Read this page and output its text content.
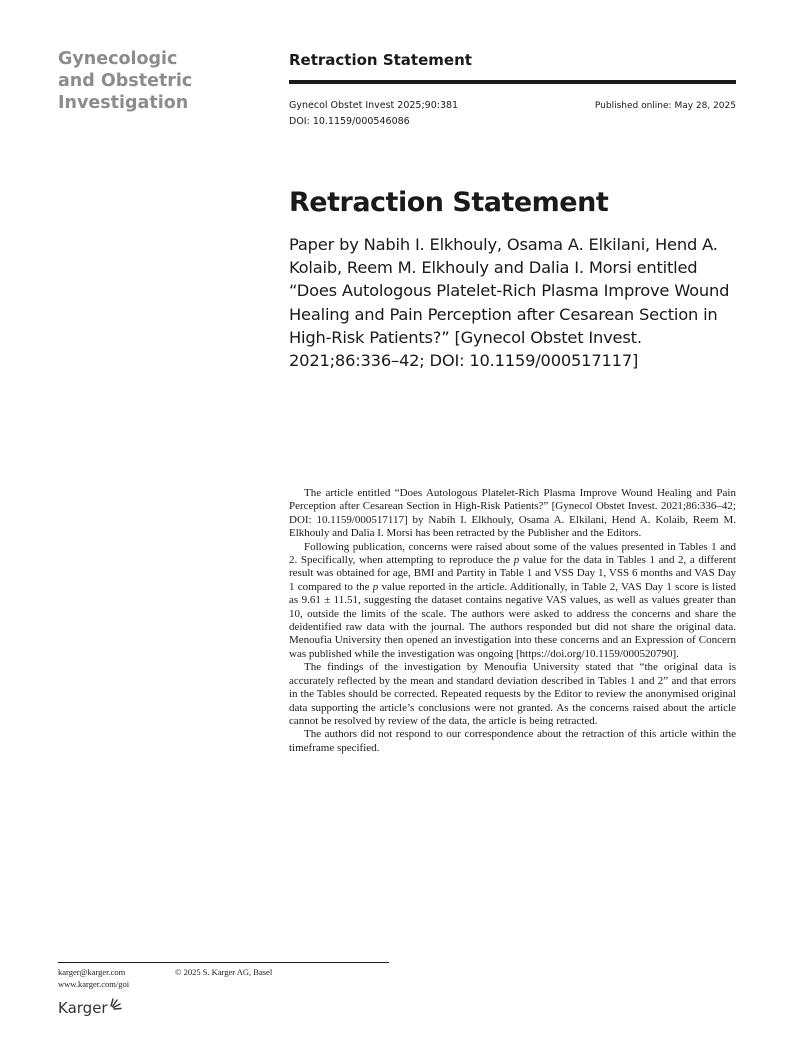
Gynecologic
and Obstetric
Investigation
Retraction Statement
Gynecol Obstet Invest 2025;90:381
DOI: 10.1159/000546086
Published online: May 28, 2025
Retraction Statement

Paper by Nabih I. Elkhouly, Osama A. Elkilani, Hend A. Kolaib, Reem M. Elkhouly and Dalia I. Morsi entitled “Does Autologous Platelet-Rich Plasma Improve Wound Healing and Pain Perception after Cesarean Section in High-Risk Patients?” [Gynecol Obstet Invest. 2021;86:336–42; DOI: 10.1159/000517117]

The article entitled “Does Autologous Platelet-Rich Plasma Improve Wound Healing and Pain Perception after Cesarean Section in High-Risk Patients?” [Gynecol Obstet Invest. 2021;86:336–42; DOI: 10.1159/000517117] by Nabih I. Elkhouly, Osama A. Elkilani, Hend A. Kolaib, Reem M. Elkhouly and Dalia I. Morsi has been retracted by the Publisher and the Editors.

Following publication, concerns were raised about some of the values presented in Tables 1 and 2. Specifically, when attempting to reproduce the p value for the data in Tables 1 and 2, a different result was obtained for age, BMI and Partity in Table 1 and VSS Day 1, VSS 6 months and VAS Day 1 compared to the p value reported in the article. Additionally, in Table 2, VAS Day 1 score is listed as 9.61 ± 11.51, suggesting the dataset contains negative VAS values, as well as values greater than 10, outside the limits of the scale. The authors were asked to address the concerns and share the deidentified raw data with the journal. The authors responded but did not share the original data. Menoufia University then opened an investigation into these concerns and an Expression of Concern was published while the investigation was ongoing [https://doi.org/10.1159/000520790].

The findings of the investigation by Menoufia University stated that “the original data is accurately reflected by the mean and standard deviation described in Tables 1 and 2” and that errors in the Tables should be corrected. Repeated requests by the Editor to review the anonymised original data supporting the article’s conclusions were not granted. As the concerns raised about the article cannot be resolved by review of the data, the article is being retracted.

The authors did not respond to our correspondence about the retraction of this article within the timeframe specified.

karger@karger.com
www.karger.com/goi
© 2025 S. Karger AG, Basel
Karger
